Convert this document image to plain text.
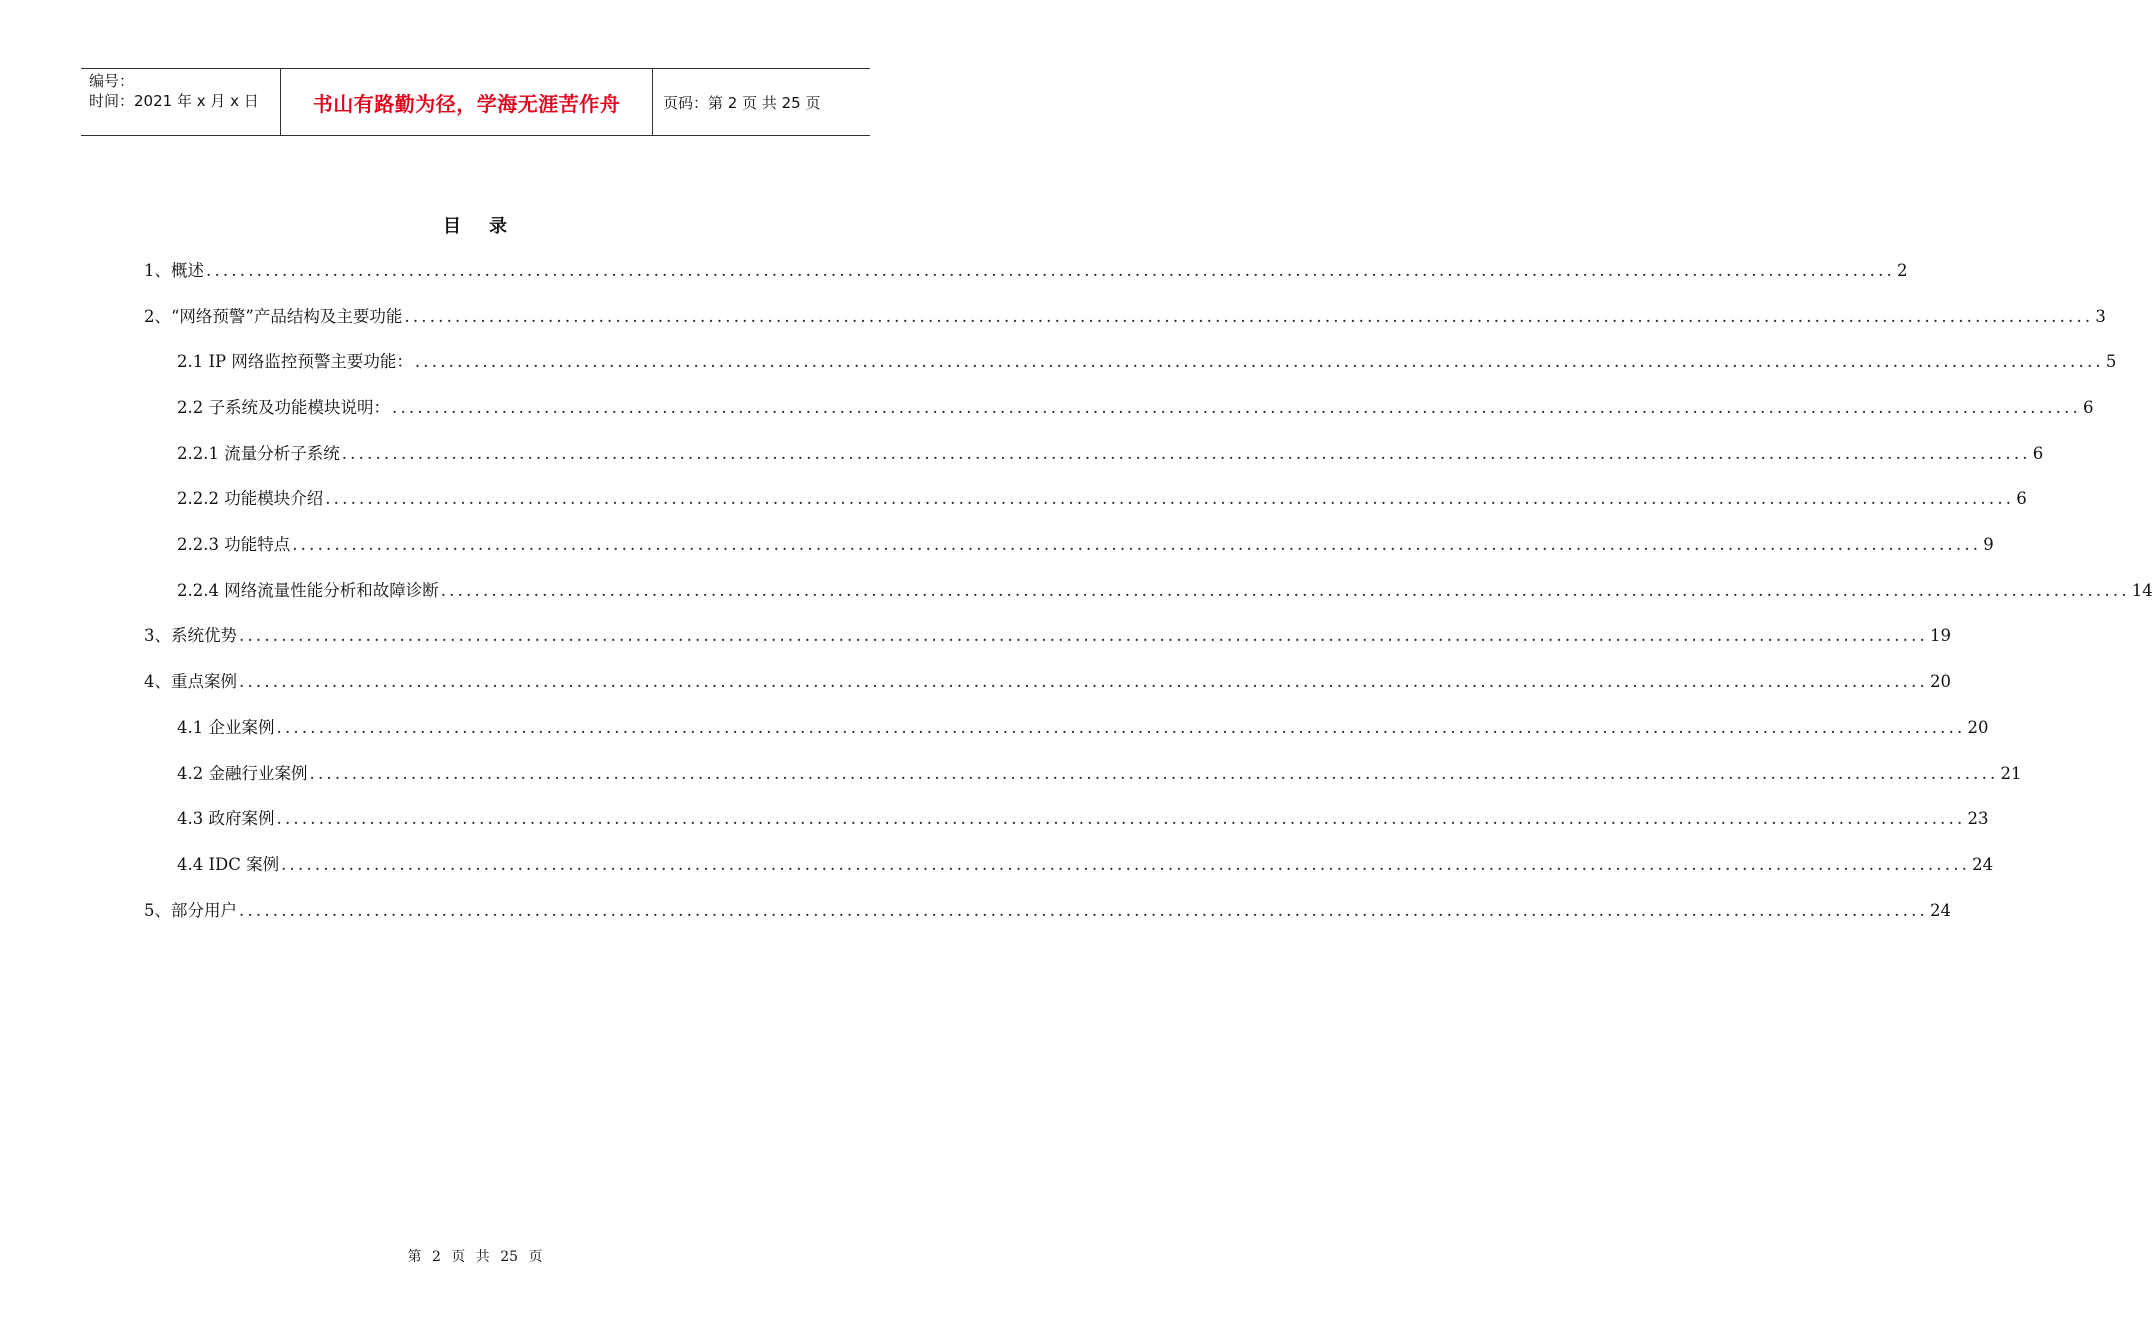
编号：
时间：2021 年 x 月 x 日	书山有路勤为径，学海无涯苦作舟	页码：第 2 页 共 25 页
目录
1、概述 ........................................................................................................................................................................................................ 2
2、“网络预警”产品结构及主要功能 ........................................................................................................................................................................................................ 3
2.1 IP 网络监控预警主要功能： ........................................................................................................................................................................................................ 5
2.2 子系统及功能模块说明： ........................................................................................................................................................................................................ 6
2.2.1 流量分析子系统 ........................................................................................................................................................................................................ 6
2.2.2 功能模块介绍 ........................................................................................................................................................................................................ 6
2.2.3 功能特点 ........................................................................................................................................................................................................ 9
2.2.4 网络流量性能分析和故障诊断 ........................................................................................................................................................................................................ 14
3、系统优势 ........................................................................................................................................................................................................ 19
4、重点案例 ........................................................................................................................................................................................................ 20
4.1 企业案例 ........................................................................................................................................................................................................ 20
4.2 金融行业案例 ........................................................................................................................................................................................................ 21
4.3 政府案例 ........................................................................................................................................................................................................ 23
4.4 IDC 案例 ........................................................................................................................................................................................................ 24
5、部分用户 ........................................................................................................................................................................................................ 24
第 2 页 共 25 页
